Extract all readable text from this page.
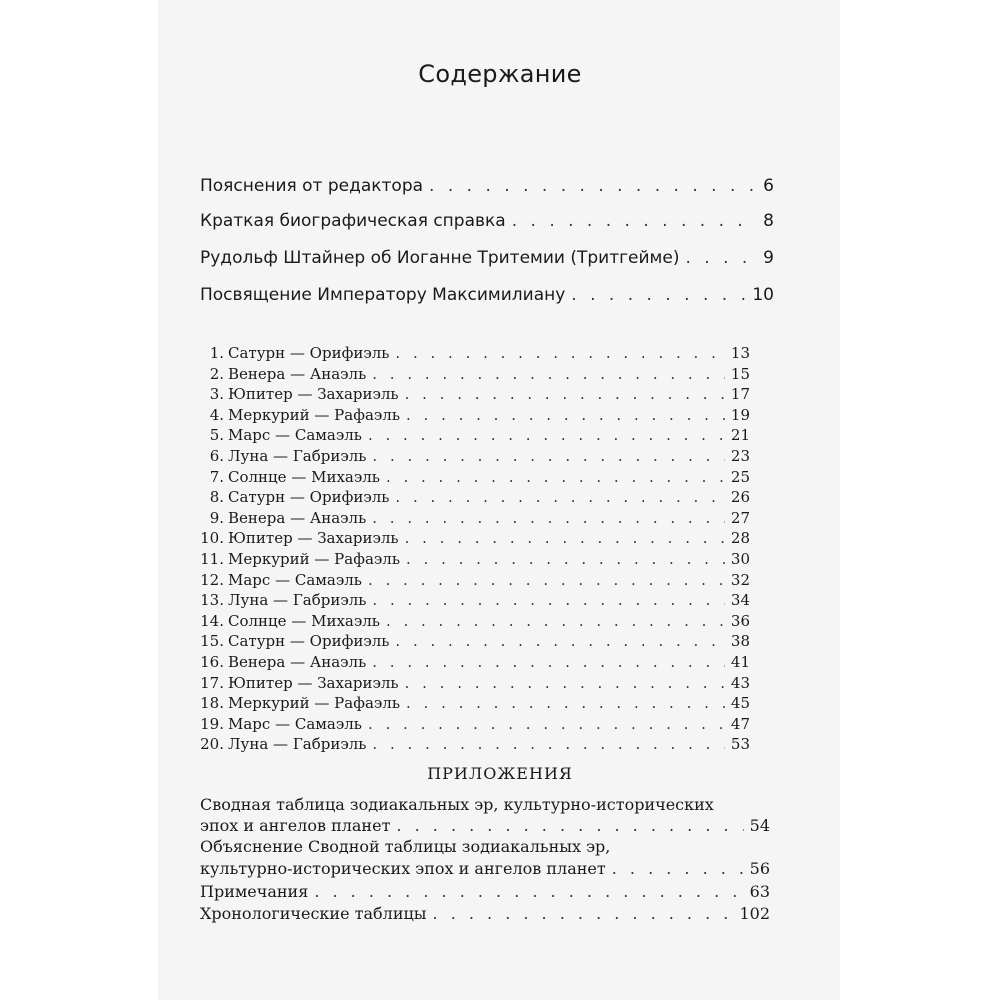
Содержание
Пояснения от редактора . . .	6
Краткая биографическая справка . . .	8
Рудольф Штайнер об Иоганне Тритемии (Тритгейме) . . .	9
Посвящение Императору Максимилиану . . .	10
1. Сатурн — Орифиэль . . .	13
2. Венера — Анаэль . . .	15
3. Юпитер — Захариэль . . .	17
4. Меркурий — Рафаэль . . .	19
5. Марс — Самаэль . . .	21
6. Луна — Габриэль . . .	23
7. Солнце — Михаэль . . .	25
8. Сатурн — Орифиэль . . .	26
9. Венера — Анаэль . . .	27
10. Юпитер — Захариэль . . .	28
11. Меркурий — Рафаэль . . .	30
12. Марс — Самаэль . . .	32
13. Луна — Габриэль . . .	34
14. Солнце — Михаэль . . .	36
15. Сатурн — Орифиэль . . .	38
16. Венера — Анаэль . . .	41
17. Юпитер — Захариэль . . .	43
18. Меркурий — Рафаэль . . .	45
19. Марс — Самаэль . . .	47
20. Луна — Габриэль . . .	53
ПРИЛОЖЕНИЯ
Сводная таблица зодиакальных эр, культурно-исторических
эпох и ангелов планет . . .	54
Объяснение Сводной таблицы зодиакальных эр,
культурно-исторических эпох и ангелов планет . . .	56
Примечания . . .	63
Хронологические таблицы . . .	102
